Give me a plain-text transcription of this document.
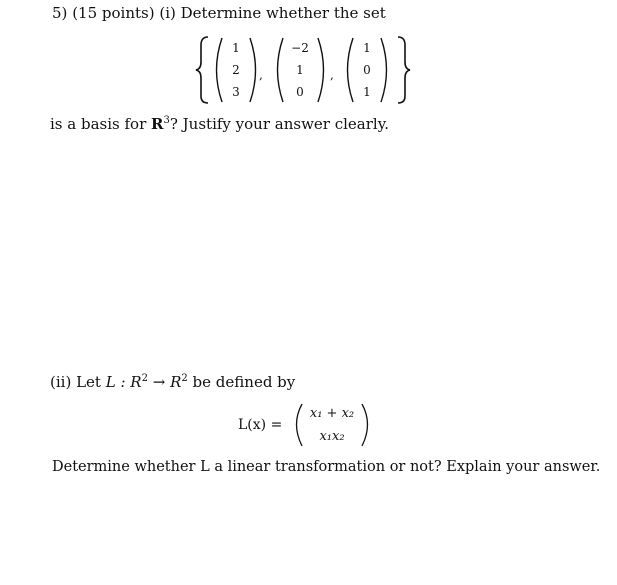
5) (15 points) (i) Determine whether the set
1
2
3
,
−2
1
0
,
1
0
1
is a basis for $R^3$? Justify your answer clearly.
(ii) Let L : $R^2 \to R^2$ be defined by
L(x) =
x₁ + x₂
x₁x₂
Determine whether L a linear transformation or not? Explain your answer.
